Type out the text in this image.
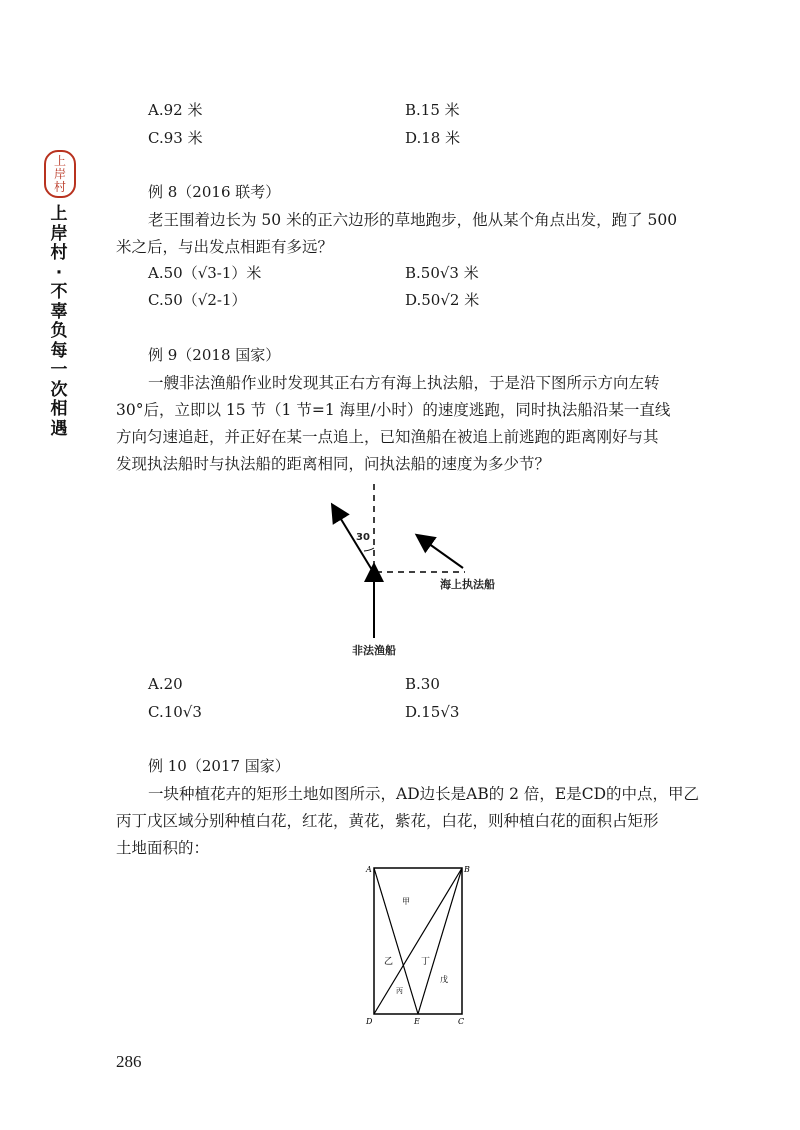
上
岸
村
上
岸
村
·
不
辜
负
每
一
次
相
遇
A.92 米	B.15 米
C.93 米	D.18 米
例 8（2016 联考）
老王围着边长为 50 米的正六边形的草地跑步，他从某个角点出发，跑了 500
米之后，与出发点相距有多远？
A.50（√3-1）米	B.50√3 米
C.50（√2-1）	D.50√2 米
例 9（2018 国家）
一艘非法渔船作业时发现其正右方有海上执法船，于是沿下图所示方向左转
30°后，立即以 15 节（1 节=1 海里/小时）的速度逃跑，同时执法船沿某一直线
方向匀速追赶，并正好在某一点追上，已知渔船在被追上前逃跑的距离刚好与其
发现执法船时与执法船的距离相同，问执法船的速度为多少节？
30
海上执法船
非法渔船
A.20	B.30
C.10√3	D.15√3
例 10（2017 国家）
一块种植花卉的矩形土地如图所示，AD边长是AB的 2 倍，E是CD的中点，甲乙
丙丁戊区域分别种植白花，红花，黄花，紫花，白花，则种植白花的面积占矩形
土地面积的：
A	B
C
D	E
甲
乙	丁
丙
戊
286
